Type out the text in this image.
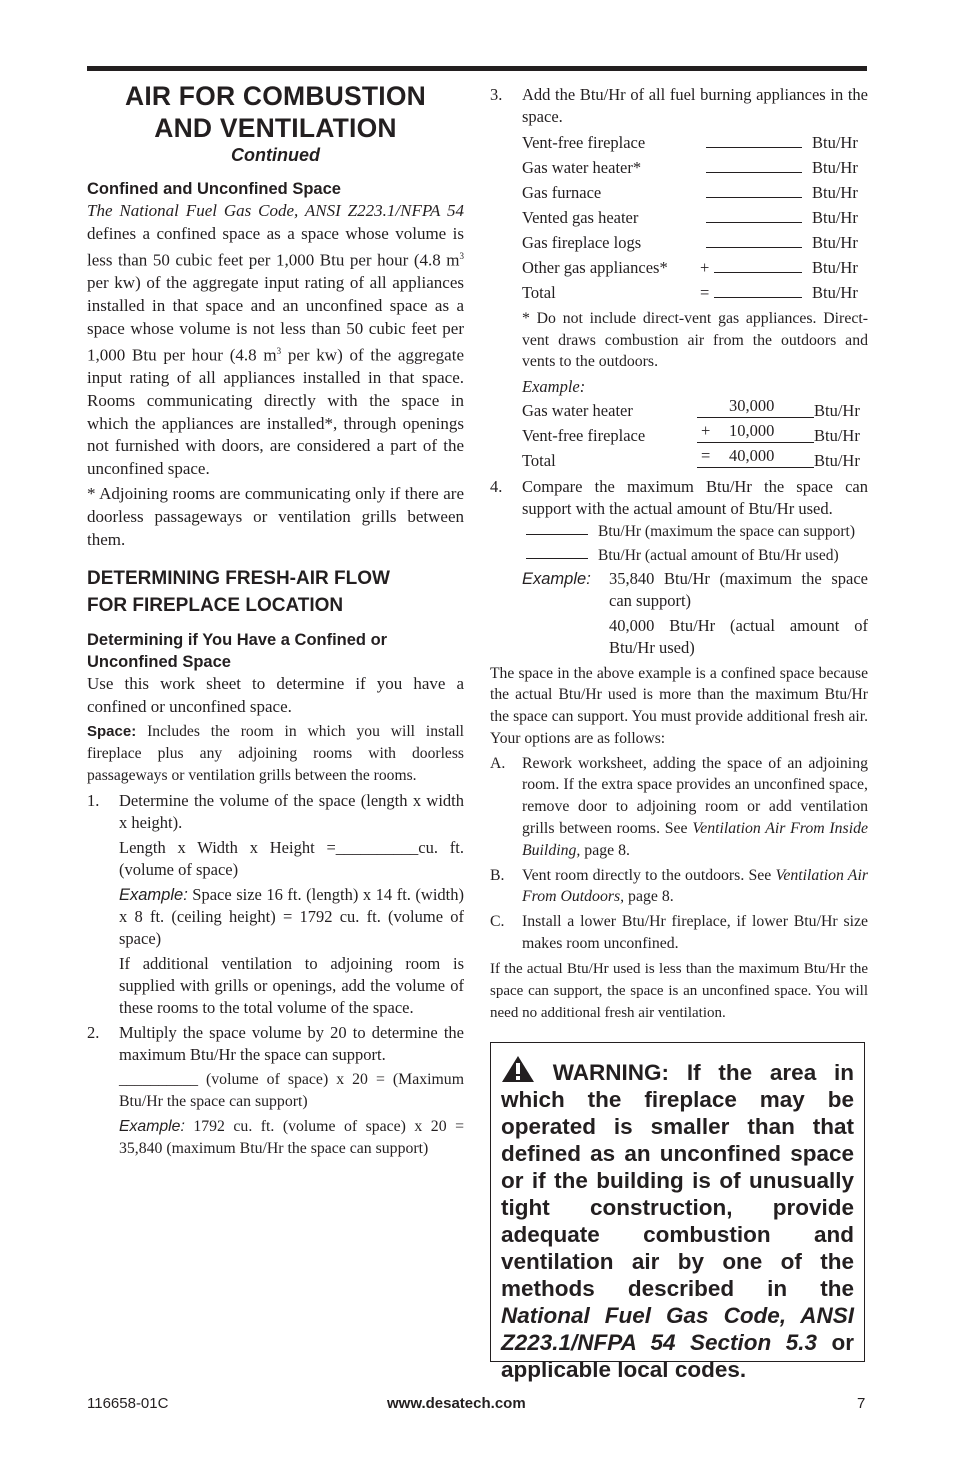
AIR FOR COMBUSTION
AND VENTILATION
Continued
Confined and Unconfined Space

The National Fuel Gas Code, ANSI Z223.1/NFPA 54 defines a confined space as a space whose volume is less than 50 cubic feet per 1,000 Btu per hour (4.8 $m^3$ per kw) of the aggregate input rating of all appliances installed in that space and an unconfined space as a space whose volume is not less than 50 cubic feet per 1,000 Btu per hour (4.8 $m^3$ per kw) of the aggregate input rating of all appliances installed in that space. Rooms communicating directly with the space in which the appliances are installed*, through openings not furnished with doors, are considered a part of the unconfined space.

* Adjoining rooms are communicating only if there are doorless passageways or ventilation grills between them.

DETERMINING FRESH-AIR FLOW
FOR FIREPLACE LOCATION
Determining if You Have a Confined or Unconfined Space

Use this work sheet to determine if you have a confined or unconfined space.

Space: Includes the room in which you will install fireplace plus any adjoining rooms with doorless passageways or ventilation grills between the rooms.

1.	Determine the volume of the space (length x width x height).
Length x Width x Height =__________cu. ft. (volume of space)
Example: Space size 16 ft. (length) x 14 ft. (width) x 8 ft. (ceiling height) = 1792 cu. ft. (volume of space)
If additional ventilation to adjoining room is supplied with grills or openings, add the volume of these rooms to the total volume of the space.
2.	Multiply the space volume by 20 to determine the maximum Btu/Hr the space can support.
__________ (volume of space) x 20 = (Maximum Btu/Hr the space can support)
Example: 1792 cu. ft. (volume of space) x 20 = 35,840 (maximum Btu/Hr the space can support)
3.	Add the Btu/Hr of all fuel burning appliances in the space.
Vent-free fireplace	Btu/Hr
Gas water heater*	Btu/Hr
Gas furnace	Btu/Hr
Vented gas heater	Btu/Hr
Gas fireplace logs	Btu/Hr
Other gas appliances*	+	Btu/Hr
Total	=	Btu/Hr
* Do not include direct-vent gas appliances. Direct-vent draws combustion air from the outdoors and vents to the outdoors.
Example:
Gas water heater	30,000	Btu/Hr
Vent-free fireplace	+	10,000	Btu/Hr
Total	=	40,000	Btu/Hr
4.	Compare the maximum Btu/Hr the space can support with the actual amount of Btu/Hr used.
Btu/Hr (maximum the space can support)
Btu/Hr (actual amount of Btu/Hr used)
Example:	35,840 Btu/Hr (maximum the space can support)
40,000 Btu/Hr (actual amount of Btu/Hr used)

The space in the above example is a confined space because the actual Btu/Hr used is more than the maximum Btu/Hr the space can support. You must provide additional fresh air. Your options are as follows:

A.	Rework worksheet, adding the space of an adjoining room. If the extra space provides an unconfined space, remove door to adjoining room or add ventilation grills between rooms. See Ventilation Air From Inside Building, page 8.
B.	Vent room directly to the outdoors. See Ventilation Air From Outdoors, page 8.
C.	Install a lower Btu/Hr fireplace, if lower Btu/Hr size makes room unconfined.

If the actual Btu/Hr used is less than the maximum Btu/Hr the space can support, the space is an unconfined space. You will need no additional fresh air ventilation.

WARNING: If the area in which the fireplace may be operated is smaller than that defined as an unconfined space or if the building is of unusually tight construction, provide adequate combustion and ventilation air by one of the methods described in the National Fuel Gas Code, ANSI Z223.1/NFPA 54 Section 5.3 or applicable local codes.

116658-01C	www.desatech.com	7
